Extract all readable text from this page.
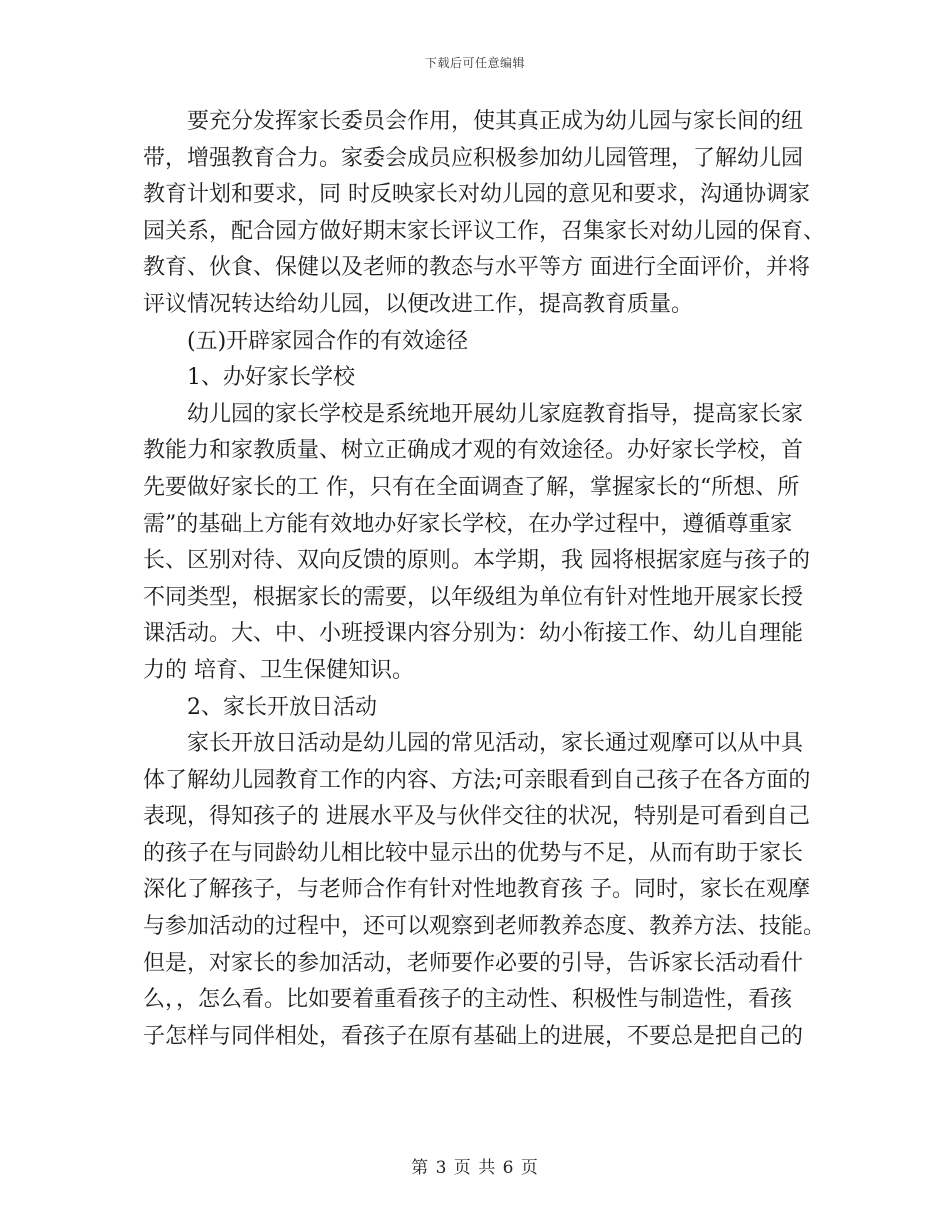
下载后可任意编辑
要充分发挥家长委员会作用，使其真正成为幼儿园与家长间的纽
带，增强教育合力。家委会成员应积极参加幼儿园管理，了解幼儿园
教育计划和要求，同 时反映家长对幼儿园的意见和要求，沟通协调家
园关系，配合园方做好期末家长评议工作，召集家长对幼儿园的保育、
教育、伙食、保健以及老师的教态与水平等方 面进行全面评价，并将
评议情况转达给幼儿园，以便改进工作，提高教育质量。
(五)开辟家园合作的有效途径
1、办好家长学校
幼儿园的家长学校是系统地开展幼儿家庭教育指导，提高家长家
教能力和家教质量、树立正确成才观的有效途径。办好家长学校，首
先要做好家长的工 作，只有在全面调查了解，掌握家长的“所想、所
需”的基础上方能有效地办好家长学校，在办学过程中，遵循尊重家
长、区别对待、双向反馈的原则。本学期，我 园将根据家庭与孩子的
不同类型，根据家长的需要，以年级组为单位有针对性地开展家长授
课活动。大、中、小班授课内容分别为：幼小衔接工作、幼儿自理能
力的 培育、卫生保健知识。
2、家长开放日活动
家长开放日活动是幼儿园的常见活动，家长通过观摩可以从中具
体了解幼儿园教育工作的内容、方法;可亲眼看到自己孩子在各方面的
表现，得知孩子的 进展水平及与伙伴交往的状况，特别是可看到自己
的孩子在与同龄幼儿相比较中显示出的优势与不足，从而有助于家长
深化了解孩子，与老师合作有针对性地教育孩 子。同时，家长在观摩
与参加活动的过程中，还可以观察到老师教养态度、教养方法、技能。
但是，对家长的参加活动，老师要作必要的引导，告诉家长活动看什
么，，怎么看。比如要着重看孩子的主动性、积极性与制造性，看孩
子怎样与同伴相处，看孩子在原有基础上的进展，不要总是把自己的
第 3 页 共 6 页
